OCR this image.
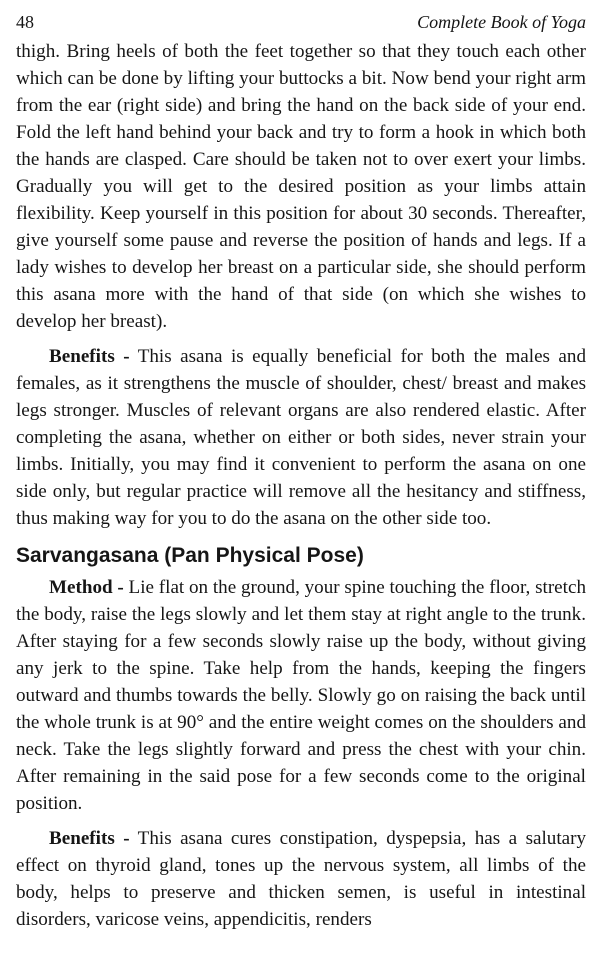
48	Complete Book of Yoga

thigh. Bring heels of both the feet together so that they touch each other which can be done by lifting your buttocks a bit. Now bend your right arm from the ear (right side) and bring the hand on the back side of your end. Fold the left hand behind your back and try to form a hook in which both the hands are clasped. Care should be taken not to over exert your limbs. Gradually you will get to the desired position as your limbs attain flexibility. Keep yourself in this position for about 30 seconds. Thereafter, give yourself some pause and reverse the position of hands and legs. If a lady wishes to develop her breast on a particular side, she should perform this asana more with the hand of that side (on which she wishes to develop her breast).

Benefits - This asana is equally beneficial for both the males and females, as it strengthens the muscle of shoulder, chest/ breast and makes legs stronger. Muscles of relevant organs are also rendered elastic. After completing the asana, whether on either or both sides, never strain your limbs. Initially, you may find it convenient to perform the asana on one side only, but regular practice will remove all the hesitancy and stiffness, thus making way for you to do the asana on the other side too.

Sarvangasana (Pan Physical Pose)

Method - Lie flat on the ground, your spine touching the floor, stretch the body, raise the legs slowly and let them stay at right angle to the trunk. After staying for a few seconds slowly raise up the body, without giving any jerk to the spine. Take help from the hands, keeping the fingers outward and thumbs towards the belly. Slowly go on raising the back until the whole trunk is at 90° and the entire weight comes on the shoulders and neck. Take the legs slightly forward and press the chest with your chin. After remaining in the said pose for a few seconds come to the original position.

Benefits - This asana cures constipation, dyspepsia, has a salutary effect on thyroid gland, tones up the nervous system, all limbs of the body, helps to preserve and thicken semen, is useful in intestinal disorders, varicose veins, appendicitis, renders
